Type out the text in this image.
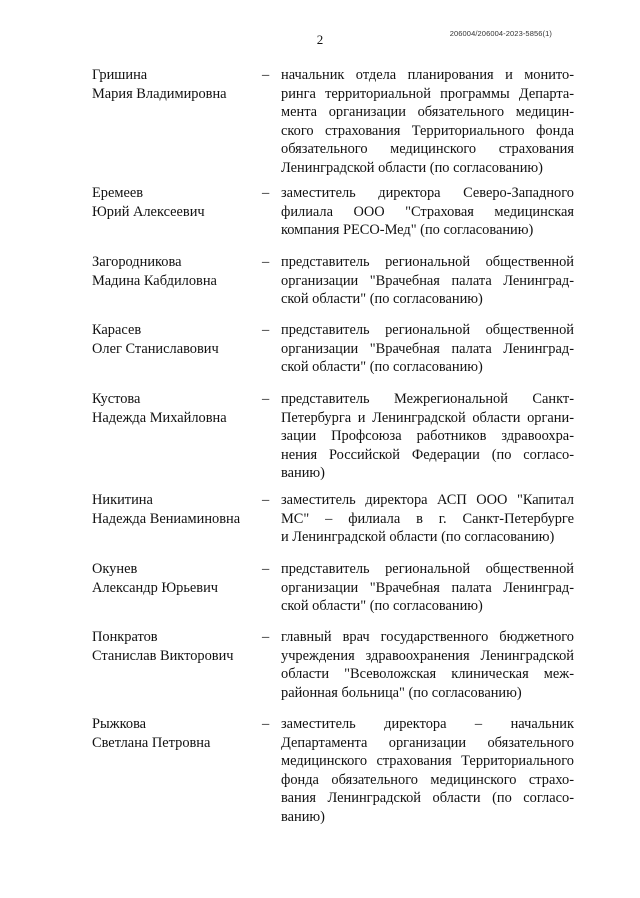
2	206004/206004-2023-5856(1)
Гришина
Мария Владимировна
– начальник отдела планирования и монито-
ринга территориальной программы Департа-
мента организации обязательного медицин-
ского страхования Территориального фонда
обязательного медицинского страхования
Ленинградской области (по согласованию)
Еремеев
Юрий Алексеевич
– заместитель директора Северо-Западного
филиала ООО "Страховая медицинская
компания РЕСО-Мед" (по согласованию)
Загородникова
Мадина Кабдиловна
– представитель региональной общественной
организации "Врачебная палата Ленинград-
ской области" (по согласованию)
Карасев
Олег Станиславович
– представитель региональной общественной
организации "Врачебная палата Ленинград-
ской области" (по согласованию)
Кустова
Надежда Михайловна
– представитель Межрегиональной Санкт-
Петербурга и Ленинградской области органи-
зации Профсоюза работников здравоохра-
нения Российской Федерации (по согласо-
ванию)
Никитина
Надежда Вениаминовна
– заместитель директора АСП ООО "Капитал
МС" – филиала в г. Санкт-Петербурге
и Ленинградской области (по согласованию)
Окунев
Александр Юрьевич
– представитель региональной общественной
организации "Врачебная палата Ленинград-
ской области" (по согласованию)
Понкратов
Станислав Викторович
– главный врач государственного бюджетного
учреждения здравоохранения Ленинградской
области "Всеволожская клиническая меж-
районная больница" (по согласованию)
Рыжкова
Светлана Петровна
– заместитель директора – начальник
Департамента организации обязательного
медицинского страхования Территориального
фонда обязательного медицинского страхо-
вания Ленинградской области (по согласо-
ванию)
